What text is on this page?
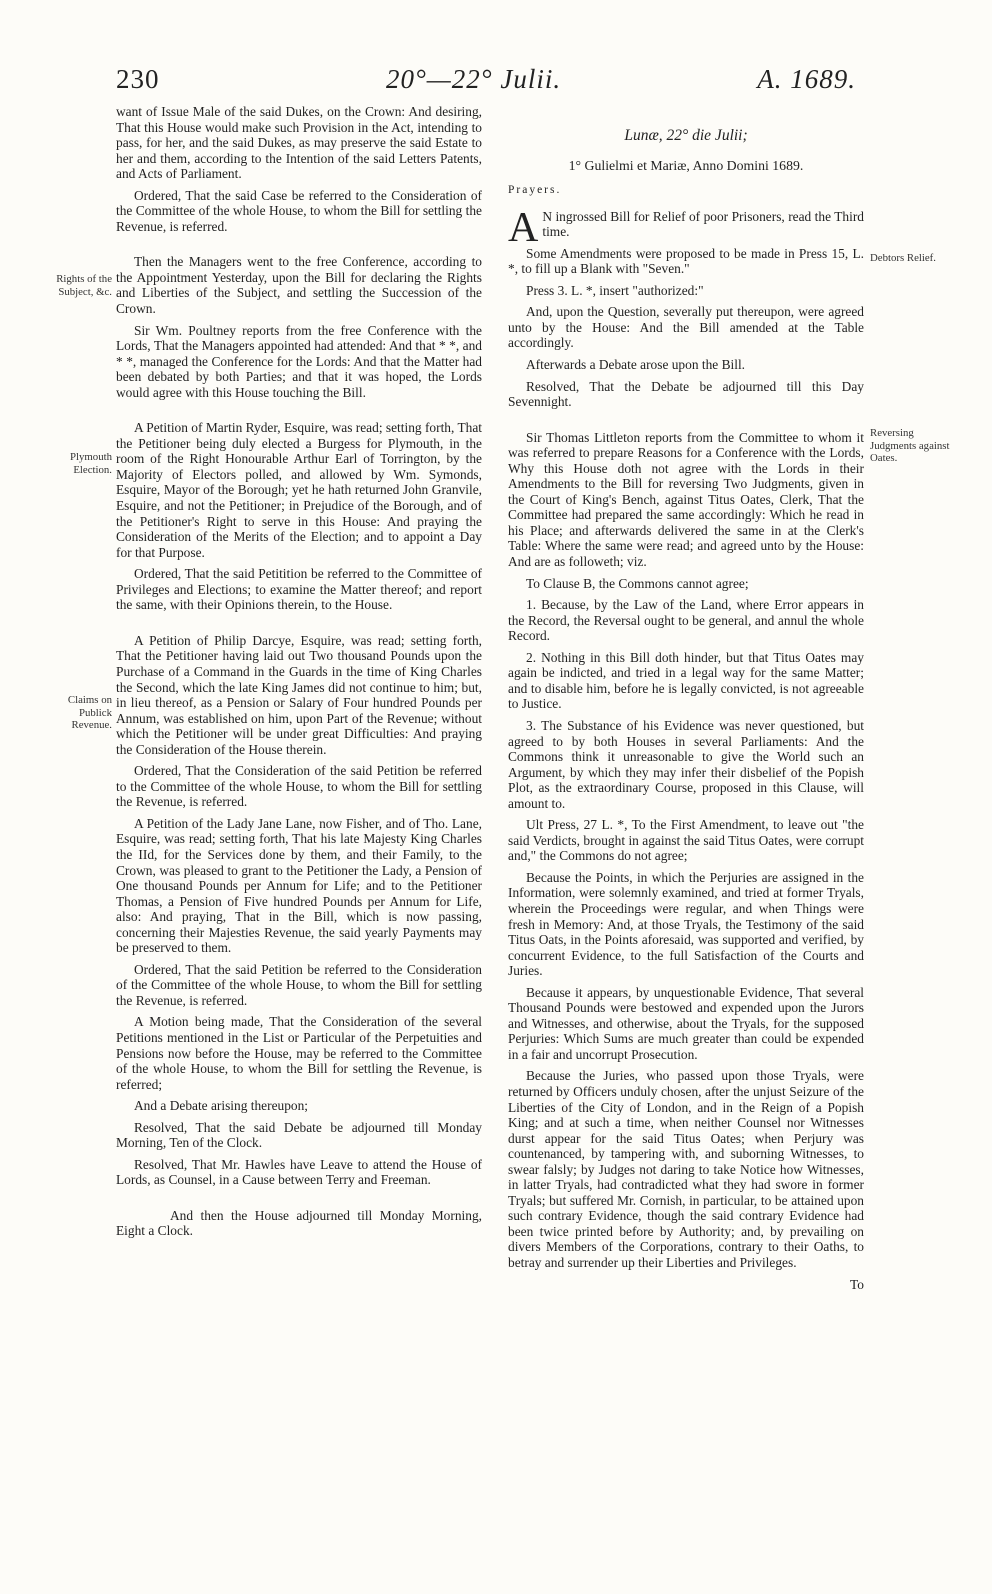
230	20°—22° Julii.	A. 1689.
Rights of the Subject, &c.
Plymouth Election.
Claims on Publick Revenue.
Debtors Relief.
Reversing Judgments against Oates.

want of Issue Male of the said Dukes, on the Crown: And desiring, That this House would make such Provision in the Act, intending to pass, for her, and the said Dukes, as may preserve the said Estate to her and them, according to the Intention of the said Letters Patents, and Acts of Parliament.

Ordered, That the said Case be referred to the Consideration of the Committee of the whole House, to whom the Bill for settling the Revenue, is referred.

Then the Managers went to the free Conference, according to the Appointment Yesterday, upon the Bill for declaring the Rights and Liberties of the Subject, and settling the Succession of the Crown.

Sir Wm. Poultney reports from the free Conference with the Lords, That the Managers appointed had attended: And that * *, and * *, managed the Conference for the Lords: And that the Matter had been debated by both Parties; and that it was hoped, the Lords would agree with this House touching the Bill.

A Petition of Martin Ryder, Esquire, was read; setting forth, That the Petitioner being duly elected a Burgess for Plymouth, in the room of the Right Honourable Arthur Earl of Torrington, by the Majority of Electors polled, and allowed by Wm. Symonds, Esquire, Mayor of the Borough; yet he hath returned John Granvile, Esquire, and not the Petitioner; in Prejudice of the Borough, and of the Petitioner's Right to serve in this House: And praying the Consideration of the Merits of the Election; and to appoint a Day for that Purpose.

Ordered, That the said Petitition be referred to the Committee of Privileges and Elections; to examine the Matter thereof; and report the same, with their Opinions therein, to the House.

A Petition of Philip Darcye, Esquire, was read; setting forth, That the Petitioner having laid out Two thousand Pounds upon the Purchase of a Command in the Guards in the time of King Charles the Second, which the late King James did not continue to him; but, in lieu thereof, as a Pension or Salary of Four hundred Pounds per Annum, was established on him, upon Part of the Revenue; without which the Petitioner will be under great Difficulties: And praying the Consideration of the House therein.

Ordered, That the Consideration of the said Petition be referred to the Committee of the whole House, to whom the Bill for settling the Revenue, is referred.

A Petition of the Lady Jane Lane, now Fisher, and of Tho. Lane, Esquire, was read; setting forth, That his late Majesty King Charles the IId, for the Services done by them, and their Family, to the Crown, was pleased to grant to the Petitioner the Lady, a Pension of One thousand Pounds per Annum for Life; and to the Petitioner Thomas, a Pension of Five hundred Pounds per Annum for Life, also: And praying, That in the Bill, which is now passing, concerning their Majesties Revenue, the said yearly Payments may be preserved to them.

Ordered, That the said Petition be referred to the Consideration of the Committee of the whole House, to whom the Bill for settling the Revenue, is referred.

A Motion being made, That the Consideration of the several Petitions mentioned in the List or Particular of the Perpetuities and Pensions now before the House, may be referred to the Committee of the whole House, to whom the Bill for settling the Revenue, is referred;

And a Debate arising thereupon;

Resolved, That the said Debate be adjourned till Monday Morning, Ten of the Clock.

Resolved, That Mr. Hawles have Leave to attend the House of Lords, as Counsel, in a Cause between Terry and Freeman.

And then the House adjourned till Monday Morning, Eight a Clock.

Lunæ, 22° die Julii;
1° Gulielmi et Mariæ, Anno Domini 1689.
Prayers.

A N ingrossed Bill for Relief of poor Prisoners, read the Third time.

Some Amendments were proposed to be made in Press 15, L. *, to fill up a Blank with "Seven."

Press 3. L. *, insert "authorized:"

And, upon the Question, severally put thereupon, were agreed unto by the House: And the Bill amended at the Table accordingly.

Afterwards a Debate arose upon the Bill.

Resolved, That the Debate be adjourned till this Day Sevennight.

Sir Thomas Littleton reports from the Committee to whom it was referred to prepare Reasons for a Conference with the Lords, Why this House doth not agree with the Lords in their Amendments to the Bill for reversing Two Judgments, given in the Court of King's Bench, against Titus Oates, Clerk, That the Committee had prepared the same accordingly: Which he read in his Place; and afterwards delivered the same in at the Clerk's Table: Where the same were read; and agreed unto by the House: And are as followeth; viz.

To Clause B, the Commons cannot agree;

1. Because, by the Law of the Land, where Error appears in the Record, the Reversal ought to be general, and annul the whole Record.

2. Nothing in this Bill doth hinder, but that Titus Oates may again be indicted, and tried in a legal way for the same Matter; and to disable him, before he is legally convicted, is not agreeable to Justice.

3. The Substance of his Evidence was never questioned, but agreed to by both Houses in several Parliaments: And the Commons think it unreasonable to give the World such an Argument, by which they may infer their disbelief of the Popish Plot, as the extraordinary Course, proposed in this Clause, will amount to.

Ult Press, 27 L. *, To the First Amendment, to leave out "the said Verdicts, brought in against the said Titus Oates, were corrupt and," the Commons do not agree;

Because the Points, in which the Perjuries are assigned in the Information, were solemnly examined, and tried at former Tryals, wherein the Proceedings were regular, and when Things were fresh in Memory: And, at those Tryals, the Testimony of the said Titus Oats, in the Points aforesaid, was supported and verified, by concurrent Evidence, to the full Satisfaction of the Courts and Juries.

Because it appears, by unquestionable Evidence, That several Thousand Pounds were bestowed and expended upon the Jurors and Witnesses, and otherwise, about the Tryals, for the supposed Perjuries: Which Sums are much greater than could be expended in a fair and uncorrupt Prosecution.

Because the Juries, who passed upon those Tryals, were returned by Officers unduly chosen, after the unjust Seizure of the Liberties of the City of London, and in the Reign of a Popish King; and at such a time, when neither Counsel nor Witnesses durst appear for the said Titus Oates; when Perjury was countenanced, by tampering with, and suborning Witnesses, to swear falsly; by Judges not daring to take Notice how Witnesses, in latter Tryals, had contradicted what they had swore in former Tryals; but suffered Mr. Cornish, in particular, to be attained upon such contrary Evidence, though the said contrary Evidence had been twice printed before by Authority; and, by prevailing on divers Members of the Corporations, contrary to their Oaths, to betray and surrender up their Liberties and Privileges.

To
